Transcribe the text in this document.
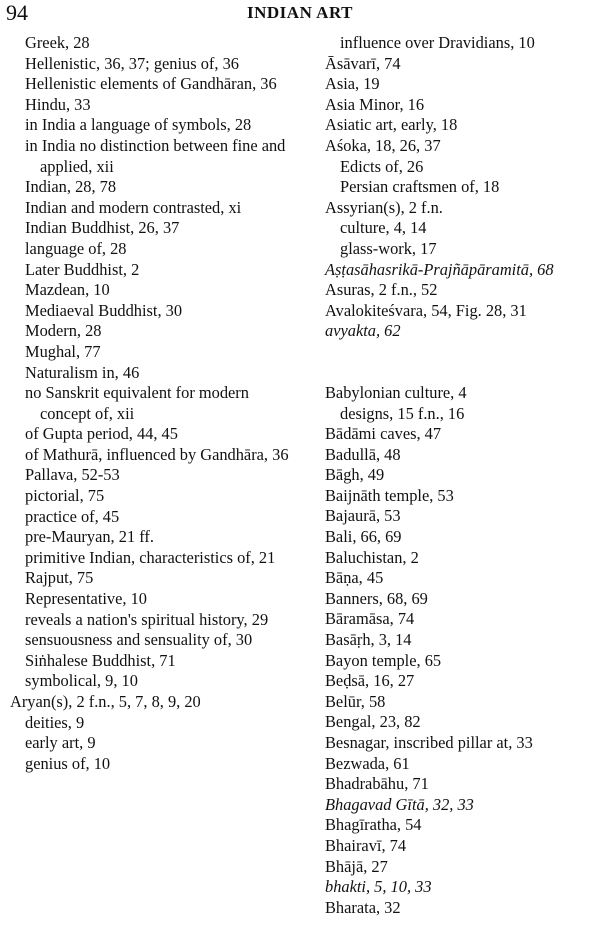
94	INDIAN ART
Greek, 28
Hellenistic, 36, 37; genius of, 36
Hellenistic elements of Gandhāran, 36
Hindu, 33
in India a language of symbols, 28
in India no distinction between fine and applied, xii
Indian, 28, 78
Indian and modern contrasted, xi
Indian Buddhist, 26, 37
language of, 28
Later Buddhist, 2
Mazdean, 10
Mediaeval Buddhist, 30
Modern, 28
Mughal, 77
Naturalism in, 46
no Sanskrit equivalent for modern concept of, xii
of Gupta period, 44, 45
of Mathurā, influenced by Gandhāra, 36
Pallava, 52-53
pictorial, 75
practice of, 45
pre-Mauryan, 21 ff.
primitive Indian, characteristics of, 21
Rajput, 75
Representative, 10
reveals a nation's spiritual history, 29
sensuousness and sensuality of, 30
Siṅhalese Buddhist, 71
symbolical, 9, 10
Aryan(s), 2 f.n., 5, 7, 8, 9, 20
deities, 9
early art, 9
genius of, 10
influence over Dravidians, 10
Āsāvarī, 74
Asia, 19
Asia Minor, 16
Asiatic art, early, 18
Aśoka, 18, 26, 37
Edicts of, 26
Persian craftsmen of, 18
Assyrian(s), 2 f.n.
culture, 4, 14
glass-work, 17
Aṣṭasāhasrikā-Prajñāpāramitā, 68
Asuras, 2 f.n., 52
Avalokiteśvara, 54, Fig. 28, 31
avyakta, 62
Babylonian culture, 4
designs, 15 f.n., 16
Bādāmi caves, 47
Badullā, 48
Bāgh, 49
Baijnāth temple, 53
Bajaurā, 53
Bali, 66, 69
Baluchistan, 2
Bāṇa, 45
Banners, 68, 69
Bāramāsa, 74
Basāṛh, 3, 14
Bayon temple, 65
Beḍsā, 16, 27
Belūr, 58
Bengal, 23, 82
Besnagar, inscribed pillar at, 33
Bezwada, 61
Bhadrabāhu, 71
Bhagavad Gītā, 32, 33
Bhagīratha, 54
Bhairavī, 74
Bhājā, 27
bhakti, 5, 10, 33
Bharata, 32
